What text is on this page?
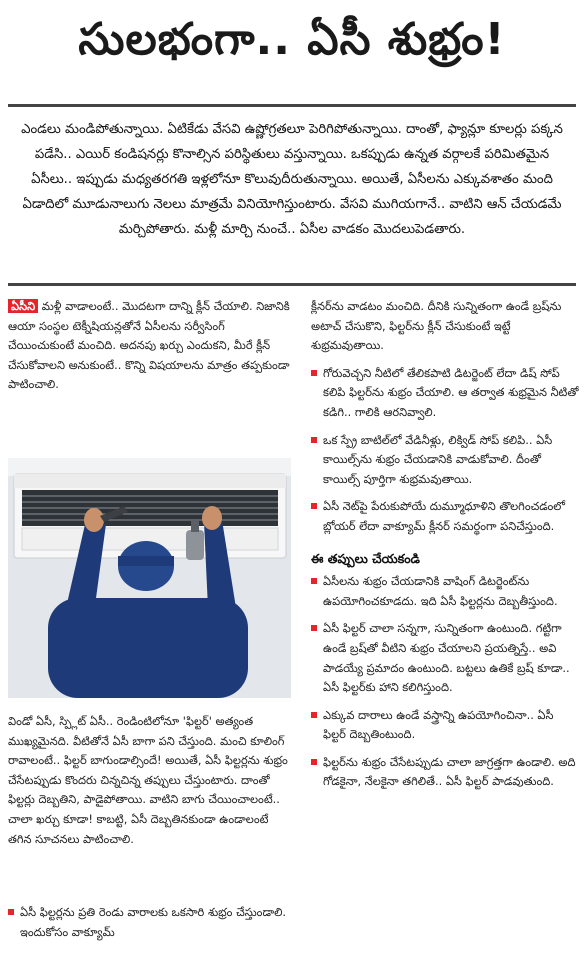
సులభంగా.. ఏసీ శుభ్రం!
ఎండలు మండిపోతున్నాయి. ఏటికేడు వేసవి ఉష్ణోగ్రతలూ పెరిగిపోతున్నాయి. దాంతో, ఫ్యాన్లూ కూలర్లు పక్కన పడేసి.. ఎయిర్ కండిషనర్లు కొనాల్సిన పరిస్థితులు వస్తున్నాయి. ఒకప్పుడు ఉన్నత వర్గాలకే పరిమితమైన ఏసీలు.. ఇప్పుడు మధ్యతరగతి ఇళ్లలోనూ కొలువుదీరుతున్నాయి. అయితే, ఏసీలను ఎక్కువశాతం మంది ఏడాదిలో మూడునాలుగు నెలలు మాత్రమే వినియోగిస్తుంటారు. వేసవి ముగియగానే.. వాటిని ఆన్ చేయడమే మర్చిపోతారు. మళ్లీ మార్చి నుంచే.. ఏసీల వాడకం మొదలుపెడతారు.

ఏసీని మళ్లీ వాడాలంటే.. మొదటగా దాన్ని క్లీన్ చేయాలి. నిజానికి ఆయా సంస్థల టెక్నీషియన్లతోనే ఏసీలను సర్వీసింగ్ చేయించుకుంటే మంచిది. అదనపు ఖర్చు ఎందుకని, మీరే క్లీన్ చేసుకోవాలని అనుకుంటే.. కొన్ని విషయాలను మాత్రం తప్పకుండా పాటించాలి.

విండో ఏసీ, స్ప్లిట్ ఏసీ.. రెండింటిలోనూ 'ఫిల్టర్' అత్యంత ముఖ్యమైనది. వీటితోనే ఏసీ బాగా పని చేస్తుంది. మంచి కూలింగ్ రావాలంటే.. ఫిల్టర్ బాగుండాల్సిందే! అయితే, ఏసీ ఫిల్టర్లను శుభ్రం చేసేటప్పుడు కొందరు చిన్నచిన్న తప్పులు చేస్తుంటారు. దాంతో ఫిల్టర్లు దెబ్బతిని, పాడైపోతాయి. వాటిని బాగు చేయించాలంటే.. చాలా ఖర్చు కూడా! కాబట్టి, ఏసీ దెబ్బతినకుండా ఉండాలంటే తగిన సూచనలు పాటించాలి.

ఏసీ ఫిల్టర్లను ప్రతి రెండు వారాలకు ఒకసారి శుభ్రం చేస్తుండాలి. ఇందుకోసం వాక్యూమ్

క్లీనర్‌ను వాడటం మంచిది. దీనికి సున్నితంగా ఉండే బ్రష్‌ను అటాచ్ చేసుకొని, ఫిల్టర్‌ను క్లీన్ చేసుకుంటే ఇట్టే శుభ్రమవుతాయి.

గోరువెచ్చని నీటిలో తేలికపాటి డిటర్జెంట్ లేదా డిష్ సోప్ కలిపి ఫిల్టర్‌ను శుభ్రం చేయాలి. ఆ తర్వాత శుభ్రమైన నీటితో కడిగి.. గాలికి ఆరనివ్వాలి.

ఒక స్ప్రే బాటిల్‌లో వేడినీళ్లు, లిక్విడ్ సోప్ కలిపి.. ఏసీ కాయిల్స్‌ను శుభ్రం చేయడానికి వాడుకోవాలి. దీంతో కాయిల్స్ పూర్తిగా శుభ్రమవుతాయి.

ఏసీ నెట్‌పై పేరుకుపోయే దుమ్మూధూళిని తొలగించడంలో బ్లోయర్ లేదా వాక్యూమ్ క్లీనర్ సమర్థంగా పనిచేస్తుంది.

ఈ తప్పులు చేయకండి

ఏసీలను శుభ్రం చేయడానికి వాషింగ్ డిటర్జెంట్‌ను ఉపయోగించకూడదు. ఇది ఏసీ ఫిల్టర్లను దెబ్బతీస్తుంది.

ఏసీ ఫిల్టర్ చాలా సన్నగా, సున్నితంగా ఉంటుంది. గట్టిగా ఉండే బ్రష్‌తో వీటిని శుభ్రం చేయాలని ప్రయత్నిస్తే.. అవి పాడయ్యే ప్రమాదం ఉంటుంది. బట్టలు ఉతికే బ్రష్ కూడా.. ఏసీ ఫిల్టర్‌కు హాని కలిగిస్తుంది.

ఎక్కువ దారాలు ఉండే వస్త్రాన్ని ఉపయోగించినా.. ఏసీ ఫిల్టర్ దెబ్బతింటుంది.

ఫిల్టర్‌ను శుభ్రం చేసేటప్పుడు చాలా జాగ్రత్తగా ఉండాలి. అది గోడకైనా, నేలకైనా తగిలితే.. ఏసీ ఫిల్టర్ పాడవుతుంది.
